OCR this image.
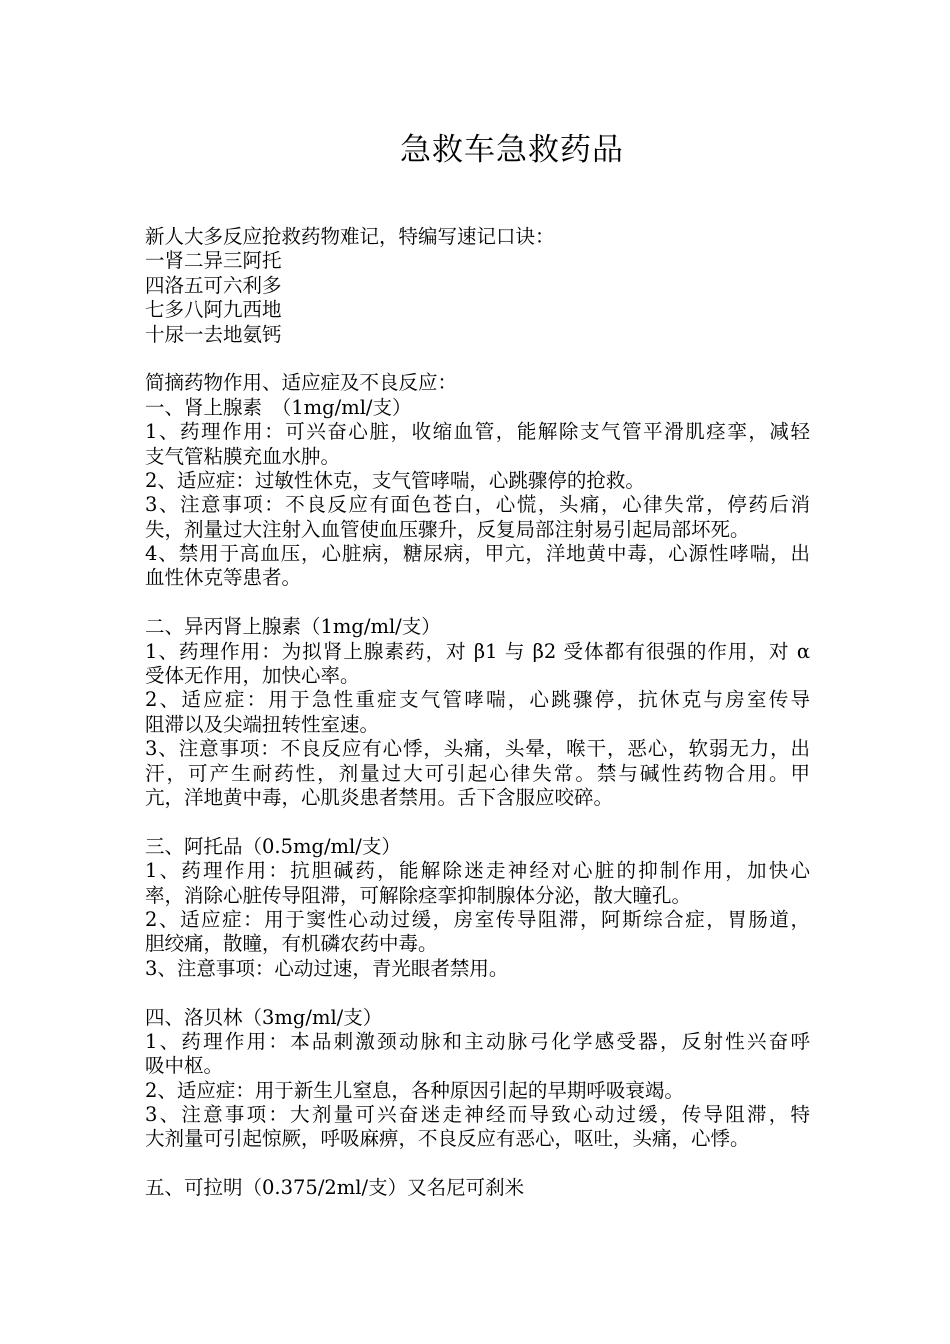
急救车急救药品
新人大多反应抢救药物难记，特编写速记口诀：
一肾二异三阿托
四洛五可六利多
七多八阿九西地
十尿一去地氨钙
简摘药物作用、适应症及不良反应：
一、肾上腺素　（1mg/ml/支）
1、药理作用：可兴奋心脏，收缩血管，能解除支气管平滑肌痉挛，减轻
支气管粘膜充血水肿。
2、适应症：过敏性休克，支气管哮喘，心跳骤停的抢救。
3、注意事项：不良反应有面色苍白，心慌，头痛，心律失常，停药后消
失，剂量过大注射入血管使血压骤升，反复局部注射易引起局部坏死。
4、禁用于高血压，心脏病，糖尿病，甲亢，洋地黄中毒，心源性哮喘，出
血性休克等患者。
二、异丙肾上腺素（1mg/ml/支）
1、药理作用：为拟肾上腺素药，对 β1 与 β2 受体都有很强的作用，对 α
受体无作用，加快心率。
2、适应症：用于急性重症支气管哮喘，心跳骤停，抗休克与房室传导
阻滞以及尖端扭转性室速。
3、注意事项：不良反应有心悸，头痛，头晕，喉干，恶心，软弱无力，出
汗，可产生耐药性，剂量过大可引起心律失常。禁与碱性药物合用。甲
亢，洋地黄中毒，心肌炎患者禁用。舌下含服应咬碎。
三、阿托品（0.5mg/ml/支）
1、药理作用：抗胆碱药，能解除迷走神经对心脏的抑制作用，加快心
率，消除心脏传导阻滞，可解除痉挛抑制腺体分泌，散大瞳孔。
2、适应症：用于窦性心动过缓，房室传导阻滞，阿斯综合症，胃肠道，
胆绞痛，散瞳，有机磷农药中毒。
3、注意事项：心动过速，青光眼者禁用。
四、洛贝林（3mg/ml/支）
1、药理作用：本品刺激颈动脉和主动脉弓化学感受器，反射性兴奋呼
吸中枢。
2、适应症：用于新生儿窒息，各种原因引起的早期呼吸衰竭。
3、注意事项：大剂量可兴奋迷走神经而导致心动过缓，传导阻滞，特
大剂量可引起惊厥，呼吸麻痹，不良反应有恶心，呕吐，头痛，心悸。
五、可拉明（0.375/2ml/支）又名尼可刹米
